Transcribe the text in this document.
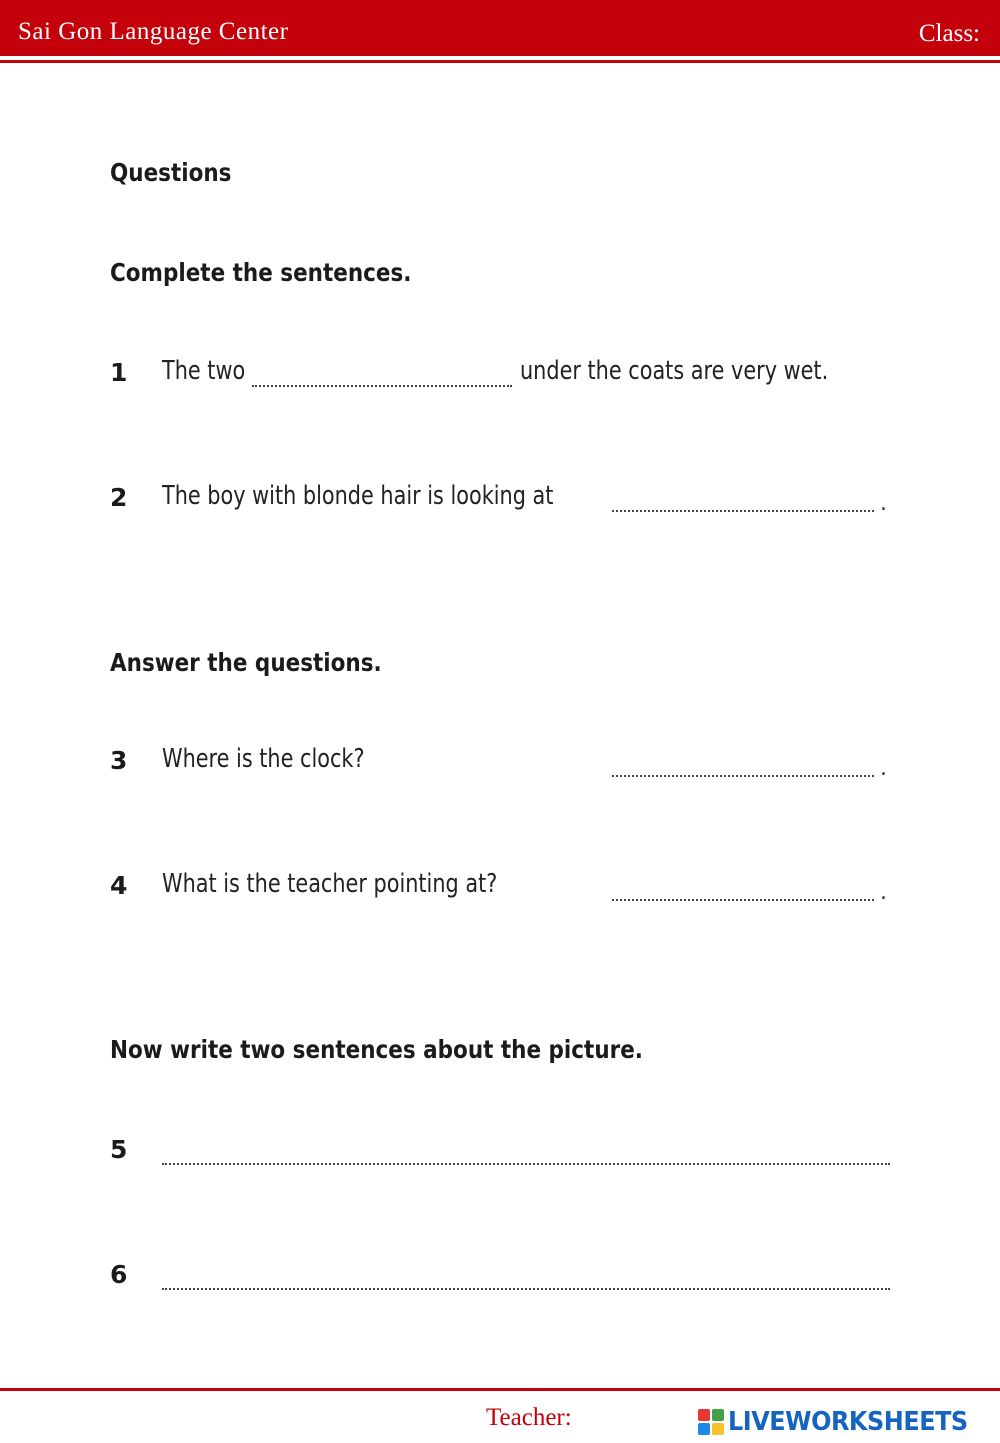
Sai Gon Language Center	Class:
Questions
Complete the sentences.
1 The two	under the coats are very wet.
2 The boy with blonde hair is looking at	.
Answer the questions.
3 Where is the clock?	.
4 What is the teacher pointing at?	.
Now write two sentences about the picture.
5
6
Teacher:	LIVEWORKSHEETS
